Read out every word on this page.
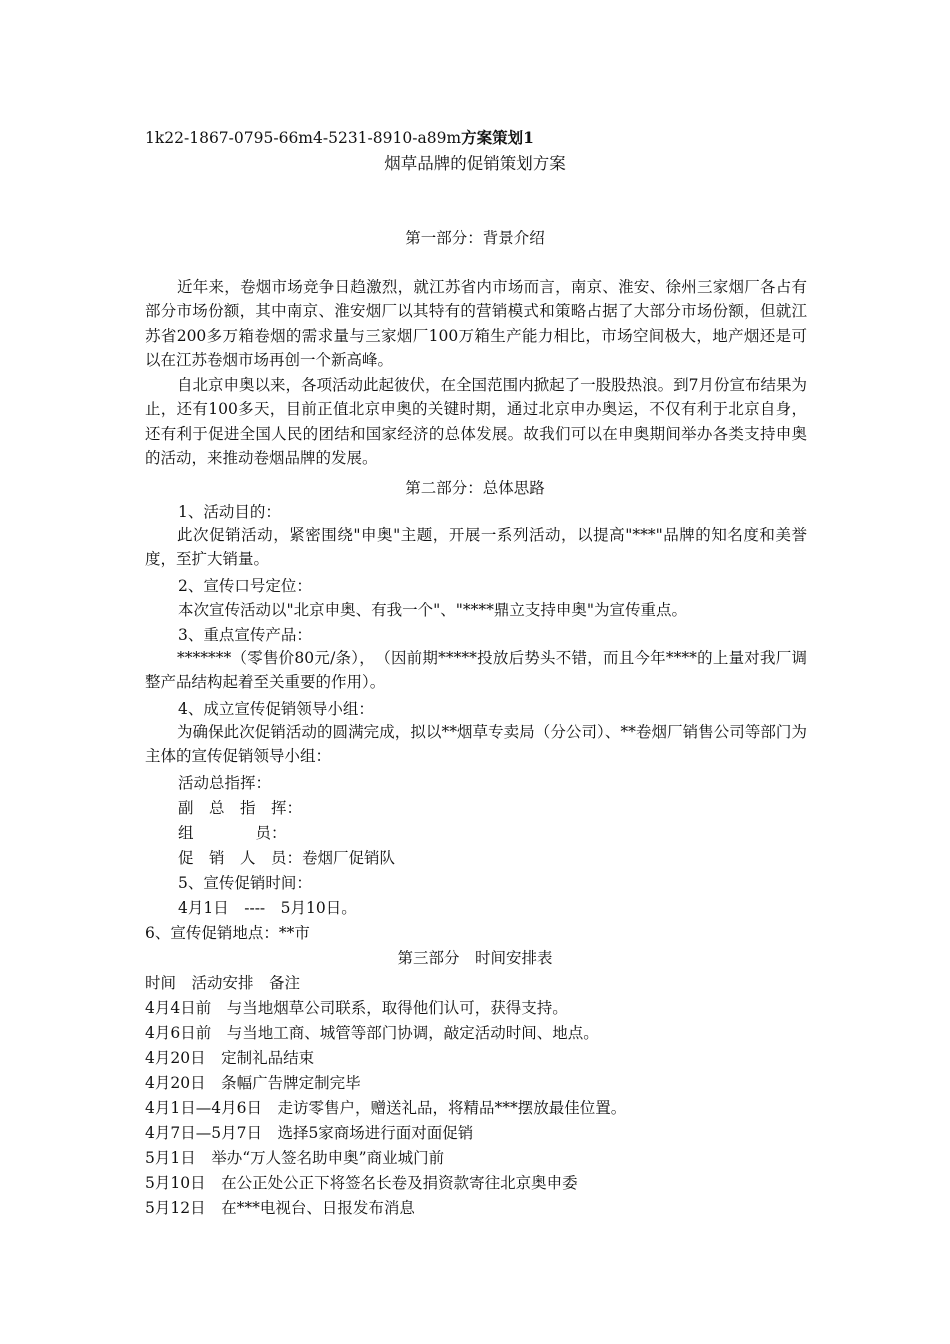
1k22-1867-0795-66m4-5231-8910-a89m方案策划1
烟草品牌的促销策划方案
第一部分：背景介绍
近年来，卷烟市场竞争日趋激烈，就江苏省内市场而言，南京、淮安、徐州三家烟厂各占有部分市场份额，其中南京、淮安烟厂以其特有的营销模式和策略占据了大部分市场份额，但就江苏省200多万箱卷烟的需求量与三家烟厂100万箱生产能力相比，市场空间极大，地产烟还是可以在江苏卷烟市场再创一个新高峰。
自北京申奥以来，各项活动此起彼伏，在全国范围内掀起了一股股热浪。到7月份宣布结果为止，还有100多天，目前正值北京申奥的关键时期，通过北京申办奥运，不仅有利于北京自身，还有利于促进全国人民的团结和国家经济的总体发展。故我们可以在申奥期间举办各类支持申奥的活动，来推动卷烟品牌的发展。
第二部分：总体思路
1、活动目的：
此次促销活动，紧密围绕"申奥"主题，开展一系列活动，以提高"***"品牌的知名度和美誉度，至扩大销量。
2、宣传口号定位：
本次宣传活动以"北京申奥、有我一个"、"****鼎立支持申奥"为宣传重点。
3、重点宣传产品：
*******（零售价80元/条），　（因前期*****投放后势头不错，而且今年****的上量对我厂调整产品结构起着至关重要的作用）。
4、成立宣传促销领导小组：
为确保此次促销活动的圆满完成，拟以**烟草专卖局（分公司）、**卷烟厂销售公司等部门为主体的宣传促销领导小组：
活动总指挥：
副　总　指　挥：
组　　　　员：
促　销　人　员：卷烟厂促销队
5、宣传促销时间：
4月1日　----　5月10日。
6、宣传促销地点：**市
第三部分　时间安排表
时间　活动安排　备注
4月4日前　与当地烟草公司联系，取得他们认可，获得支持。
4月6日前　与当地工商、城管等部门协调，敲定活动时间、地点。
4月20日　定制礼品结束
4月20日　条幅广告牌定制完毕
4月1日—4月6日　走访零售户，赠送礼品，将精品***摆放最佳位置。
4月7日—5月7日　选择5家商场进行面对面促销
5月1日　举办“万人签名助申奥”商业城门前
5月10日　在公正处公正下将签名长卷及捐资款寄往北京奥申委
5月12日　在***电视台、日报发布消息
